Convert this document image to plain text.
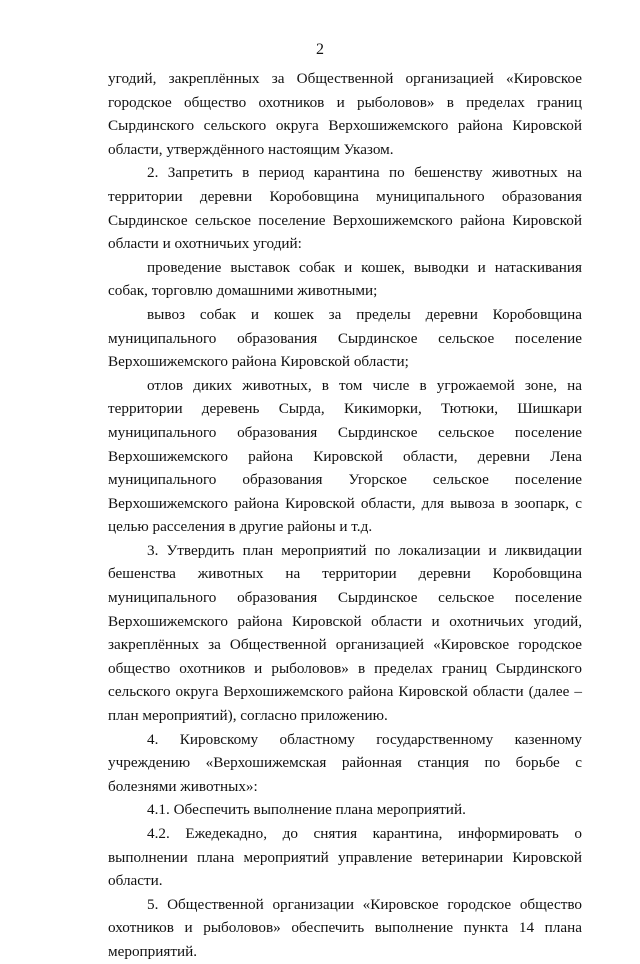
2

угодий, закреплённых за Общественной организацией «Кировское городское общество охотников и рыболовов» в пределах границ Сырдинского сельского округа Верхошижемского района Кировской области, утверждённого настоящим Указом.

2. Запретить в период карантина по бешенству животных на территории деревни Коробовщина муниципального образования Сырдинское сельское поселение Верхошижемского района Кировской области и охотничьих угодий:

проведение выставок собак и кошек, выводки и натаскивания собак, торговлю домашними животными;

вывоз собак и кошек за пределы деревни Коробовщина муниципального образования Сырдинское сельское поселение Верхошижемского района Кировской области;

отлов диких животных, в том числе в угрожаемой зоне, на территории деревень Сырда, Кикиморки, Тютюки, Шишкари муниципального образования Сырдинское сельское поселение Верхошижемского района Кировской области, деревни Лена муниципального образования Угорское сельское поселение Верхошижемского района Кировской области, для вывоза в зоопарк, с целью расселения в другие районы и т.д.

3. Утвердить план мероприятий по локализации и ликвидации бешенства животных на территории деревни Коробовщина муниципального образования Сырдинское сельское поселение Верхошижемского района Кировской области и охотничьих угодий, закреплённых за Общественной организацией «Кировское городское общество охотников и рыболовов» в пределах границ Сырдинского сельского округа Верхошижемского района Кировской области (далее – план мероприятий), согласно приложению.

4. Кировскому областному государственному казенному учреждению «Верхошижемская районная станция по борьбе с болезнями животных»:

4.1. Обеспечить выполнение плана мероприятий.

4.2. Ежедекадно, до снятия карантина, информировать о выполнении плана мероприятий управление ветеринарии Кировской области.

5. Общественной организации «Кировское городское общество охотников и рыболовов» обеспечить выполнение пункта 14 плана мероприятий.
